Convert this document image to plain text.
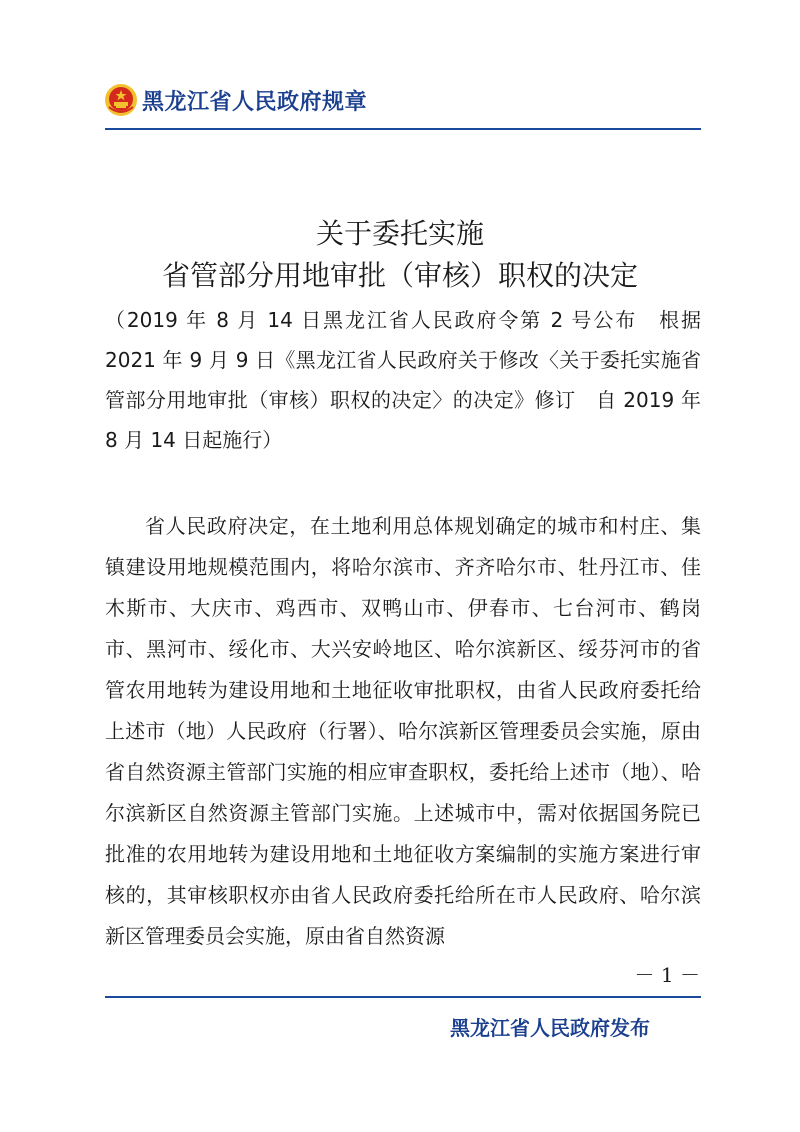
黑龙江省人民政府规章
关于委托实施
省管部分用地审批（审核）职权的决定

（2019 年 8 月 14 日黑龙江省人民政府令第 2 号公布　根据 2021 年 9 月 9 日《黑龙江省人民政府关于修改〈关于委托实施省管部分用地审批（审核）职权的决定〉的决定》修订　自 2019 年 8 月 14 日起施行）

省人民政府决定，在土地利用总体规划确定的城市和村庄、集镇建设用地规模范围内，将哈尔滨市、齐齐哈尔市、牡丹江市、佳木斯市、大庆市、鸡西市、双鸭山市、伊春市、七台河市、鹤岗市、黑河市、绥化市、大兴安岭地区、哈尔滨新区、绥芬河市的省管农用地转为建设用地和土地征收审批职权，由省人民政府委托给上述市（地）人民政府（行署）、哈尔滨新区管理委员会实施，原由省自然资源主管部门实施的相应审查职权，委托给上述市（地）、哈尔滨新区自然资源主管部门实施。上述城市中，需对依据国务院已批准的农用地转为建设用地和土地征收方案编制的实施方案进行审核的，其审核职权亦由省人民政府委托给所在市人民政府、哈尔滨新区管理委员会实施，原由省自然资源

－ 1 －
黑龙江省人民政府发布
